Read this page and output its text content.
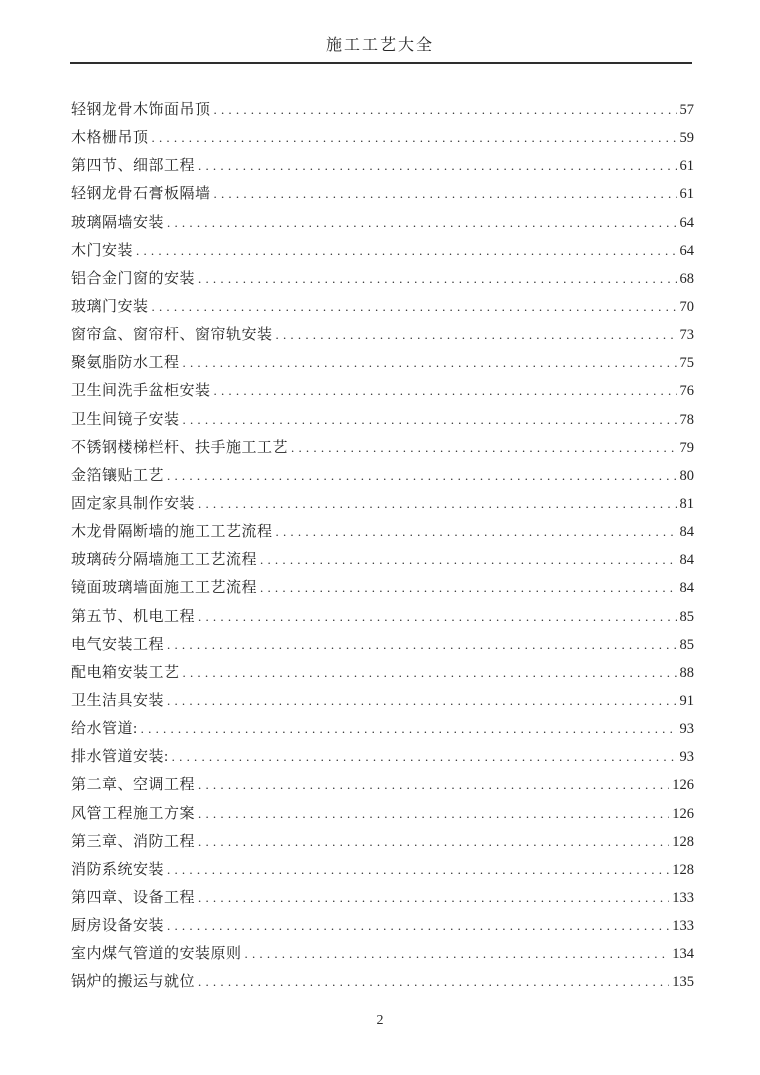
施工工艺大全
轻钢龙骨木饰面吊顶 .....	57
木格栅吊顶 .....	59
第四节、细部工程 .....	61
轻钢龙骨石膏板隔墙 .....	61
玻璃隔墙安装 .....	64
木门安装 .....	64
铝合金门窗的安装 .....	68
玻璃门安装 .....	70
窗帘盒、窗帘杆、窗帘轨安装 .....	73
聚氨脂防水工程 .....	75
卫生间洗手盆柜安装 .....	76
卫生间镜子安装 .....	78
不锈钢楼梯栏杆、扶手施工工艺 .....	79
金箔镶贴工艺 .....	80
固定家具制作安装 .....	81
木龙骨隔断墙的施工工艺流程 .....	84
玻璃砖分隔墙施工工艺流程 .....	84
镜面玻璃墙面施工工艺流程 .....	84
第五节、机电工程 .....	85
电气安装工程 .....	85
配电箱安装工艺 .....	88
卫生洁具安装 .....	91
给水管道: .....	93
排水管道安装: .....	93
第二章、空调工程 .....	126
风管工程施工方案 .....	126
第三章、消防工程 .....	128
消防系统安装 .....	128
第四章、设备工程 .....	133
厨房设备安装 .....	133
室内煤气管道的安装原则 .....	134
锅炉的搬运与就位 .....	135
2
